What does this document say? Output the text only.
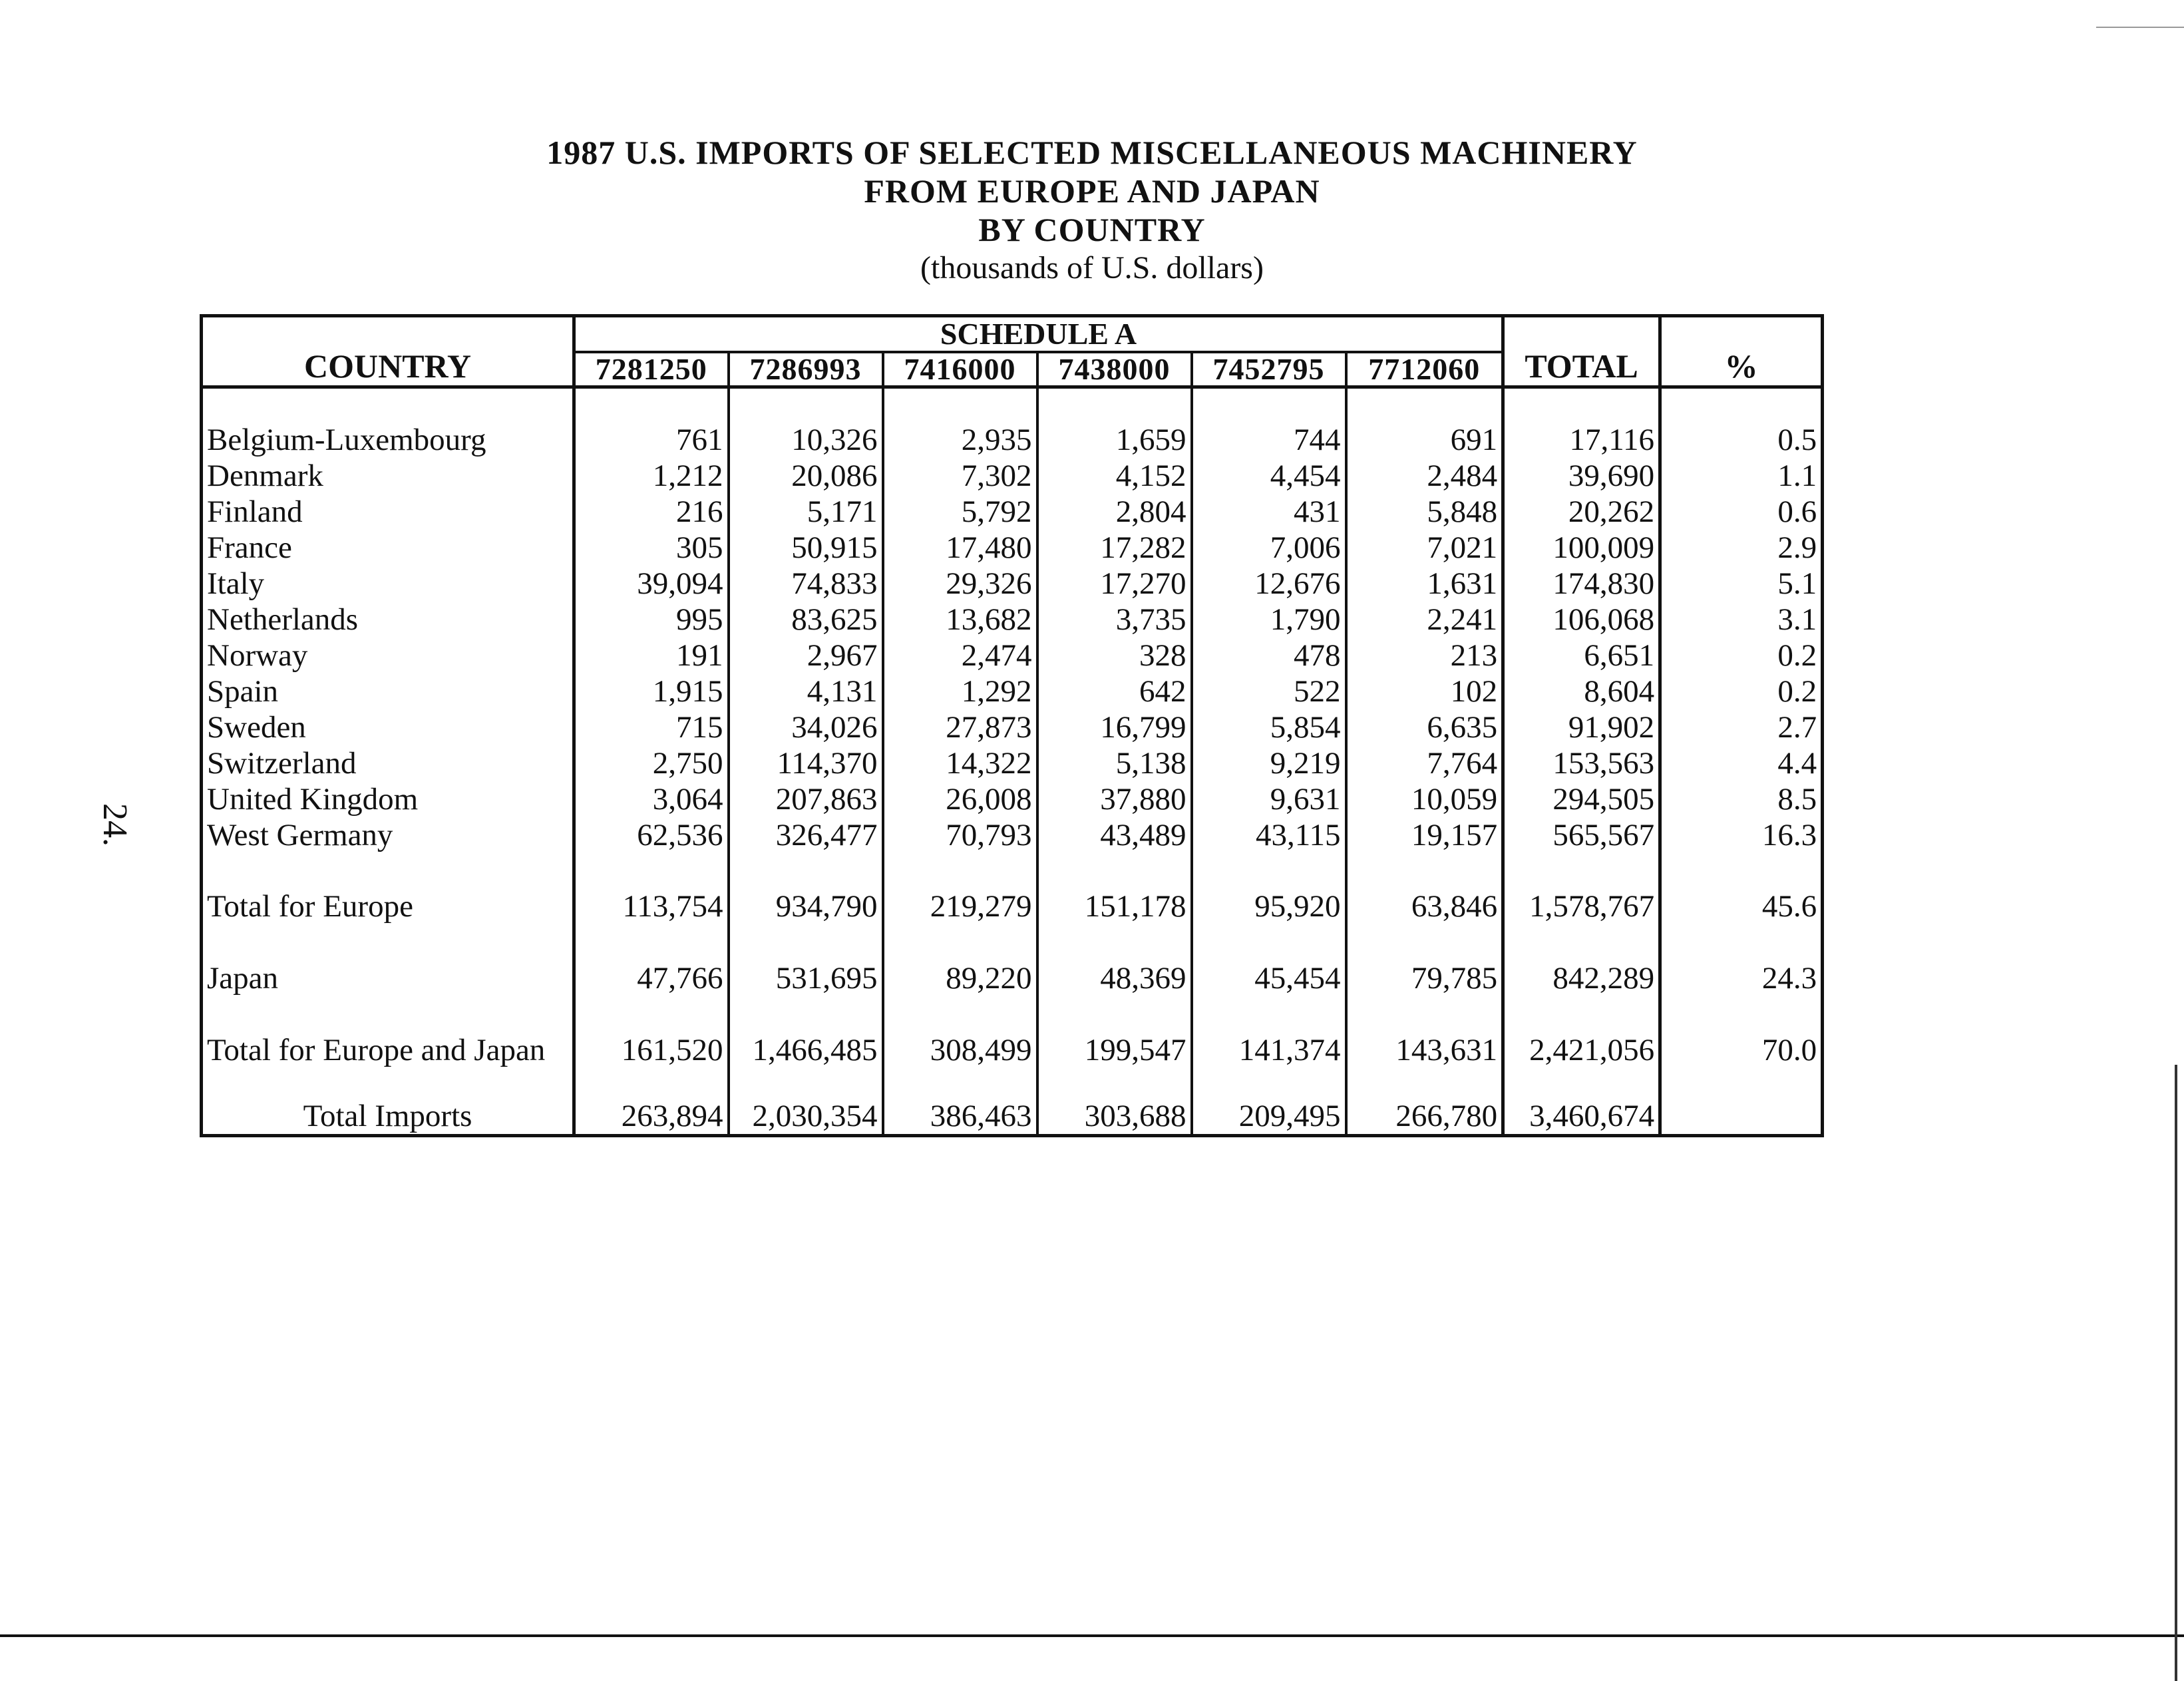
1987 U.S. IMPORTS OF SELECTED MISCELLANEOUS MACHINERY
FROM EUROPE AND JAPAN
BY COUNTRY
(thousands of U.S. dollars)
24.
COUNTRY	SCHEDULE A						TOTAL	%
	7281250	7286993	7416000	7438000	7452795	7712060		
Belgium-Luxembourg	761	10,326	2,935	1,659	744	691	17,116	0.5
Denmark	1,212	20,086	7,302	4,152	4,454	2,484	39,690	1.1
Finland	216	5,171	5,792	2,804	431	5,848	20,262	0.6
France	305	50,915	17,480	17,282	7,006	7,021	100,009	2.9
Italy	39,094	74,833	29,326	17,270	12,676	1,631	174,830	5.1
Netherlands	995	83,625	13,682	3,735	1,790	2,241	106,068	3.1
Norway	191	2,967	2,474	328	478	213	6,651	0.2
Spain	1,915	4,131	1,292	642	522	102	8,604	0.2
Sweden	715	34,026	27,873	16,799	5,854	6,635	91,902	2.7
Switzerland	2,750	114,370	14,322	5,138	9,219	7,764	153,563	4.4
United Kingdom	3,064	207,863	26,008	37,880	9,631	10,059	294,505	8.5
West Germany	62,536	326,477	70,793	43,489	43,115	19,157	565,567	16.3
Total for Europe	113,754	934,790	219,279	151,178	95,920	63,846	1,578,767	45.6
Japan	47,766	531,695	89,220	48,369	45,454	79,785	842,289	24.3
Total for Europe and Japan	161,520	1,466,485	308,499	199,547	141,374	143,631	2,421,056	70.0
Total Imports	263,894	2,030,354	386,463	303,688	209,495	266,780	3,460,674	
